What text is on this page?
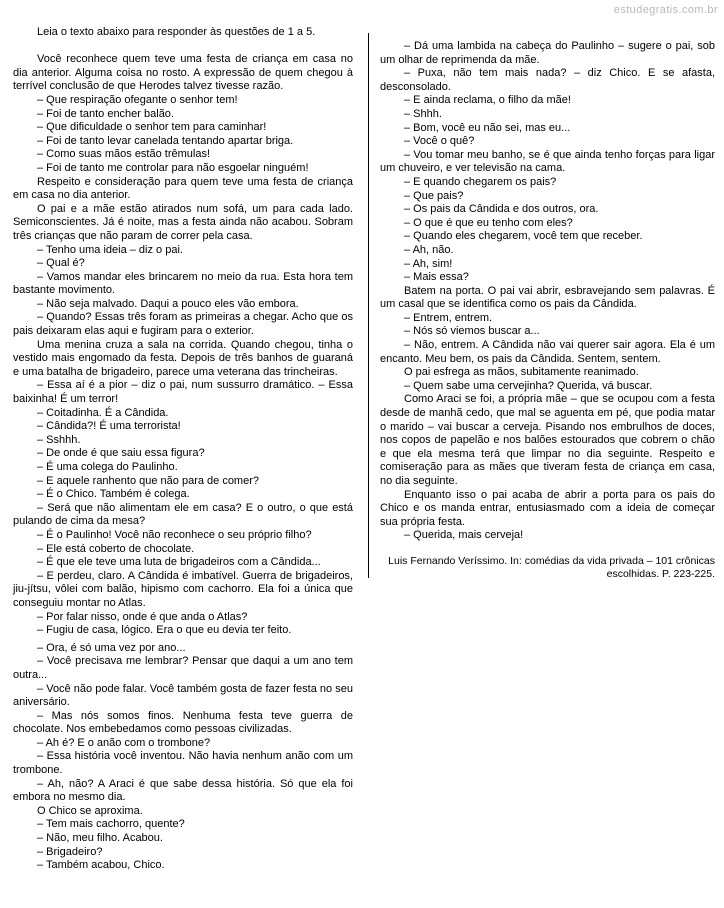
estudegratis.com.br

Leia o texto abaixo para responder às questões de 1 a 5.

Você reconhece quem teve uma festa de criança em casa no dia anterior. Alguma coisa no rosto. A expressão de quem chegou à terrível conclusão de que Herodes talvez tivesse razão.

– Que respiração ofegante o senhor tem!

– Foi de tanto encher balão.

– Que dificuldade o senhor tem para caminhar!

– Foi de tanto levar canelada tentando apartar briga.

– Como suas mãos estão trêmulas!

– Foi de tanto me controlar para não esgoelar ninguém!

Respeito e consideração para quem teve uma festa de criança em casa no dia anterior.

O pai e a mãe estão atirados num sofá, um para cada lado. Semiconscientes. Já é noite, mas a festa ainda não acabou. Sobram três crianças que não param de correr pela casa.

– Tenho uma ideia – diz o pai.

– Qual é?

– Vamos mandar eles brincarem no meio da rua. Esta hora tem bastante movimento.

– Não seja malvado. Daqui a pouco eles vão embora.

– Quando? Essas três foram as primeiras a chegar. Acho que os pais deixaram elas aqui e fugiram para o exterior.

Uma menina cruza a sala na corrida. Quando chegou, tinha o vestido mais engomado da festa. Depois de três banhos de guaraná e uma batalha de brigadeiro, parece uma veterana das trincheiras.

– Essa aí é a pior – diz o pai, num sussurro dramático. – Essa baixinha! É um terror!

– Coitadinha. É a Cândida.

– Cândida?! É uma terrorista!

– Sshhh.

– De onde é que saiu essa figura?

– É uma colega do Paulinho.

– E aquele ranhento que não para de comer?

– É o Chico. Também é colega.

– Será que não alimentam ele em casa? E o outro, o que está pulando de cima da mesa?

– É o Paulinho! Você não reconhece o seu próprio filho?

– Ele está coberto de chocolate.

– É que ele teve uma luta de brigadeiros com a Cândida...

– E perdeu, claro. A Cândida é imbatível. Guerra de brigadeiros, jiu-jítsu, vôlei com balão, hipismo com cachorro. Ela foi a única que conseguiu montar no Atlas.

– Por falar nisso, onde é que anda o Atlas?

– Fugiu de casa, lógico. Era o que eu devia ter feito.

– Ora, é só uma vez por ano...

– Você precisava me lembrar? Pensar que daqui a um ano tem outra...

– Você não pode falar. Você também gosta de fazer festa no seu aniversário.

– Mas nós somos finos. Nenhuma festa teve guerra de chocolate. Nos embebedamos como pessoas civilizadas.

– Ah é? E o anão com o trombone?

– Essa história você inventou. Não havia nenhum anão com um trombone.

– Ah, não? A Araci é que sabe dessa história. Só que ela foi embora no mesmo dia.

O Chico se aproxima.

– Tem mais cachorro, quente?

– Não, meu filho. Acabou.

– Brigadeiro?

– Também acabou, Chico.

– Dá uma lambida na cabeça do Paulinho – sugere o pai, sob um olhar de reprimenda da mãe.

– Puxa, não tem mais nada? – diz Chico. E se afasta, desconsolado.

– E ainda reclama, o filho da mãe!

– Shhh.

– Bom, você eu não sei, mas eu...

– Você o quê?

– Vou tomar meu banho, se é que ainda tenho forças para ligar um chuveiro, e ver televisão na cama.

– E quando chegarem os pais?

– Que pais?

– Os pais da Cândida e dos outros, ora.

– O que é que eu tenho com eles?

– Quando eles chegarem, você tem que receber.

– Ah, não.

– Ah, sim!

– Mais essa?

Batem na porta. O pai vai abrir, esbravejando sem palavras. É um casal que se identifica como os pais da Cândida.

– Entrem, entrem.

– Nós só viemos buscar a...

– Não, entrem. A Cândida não vai querer sair agora. Ela é um encanto. Meu bem, os pais da Cândida. Sentem, sentem.

O pai esfrega as mãos, subitamente reanimado.

– Quem sabe uma cervejinha? Querida, vá buscar.

Como Araci se foi, a própria mãe – que se ocupou com a festa desde de manhã cedo, que mal se aguenta em pé, que podia matar o marido – vai buscar a cerveja. Pisando nos embrulhos de doces, nos copos de papelão e nos balões estourados que cobrem o chão e que ela mesma terá que limpar no dia seguinte. Respeito e comiseração para as mães que tiveram festa de criança em casa, no dia seguinte.

Enquanto isso o pai acaba de abrir a porta para os pais do Chico e os manda entrar, entusiasmado com a ideia de começar sua própria festa.

– Querida, mais cerveja!

Luis Fernando Veríssimo. In: comédias da vida privada – 101 crônicas escolhidas. P. 223-225.
